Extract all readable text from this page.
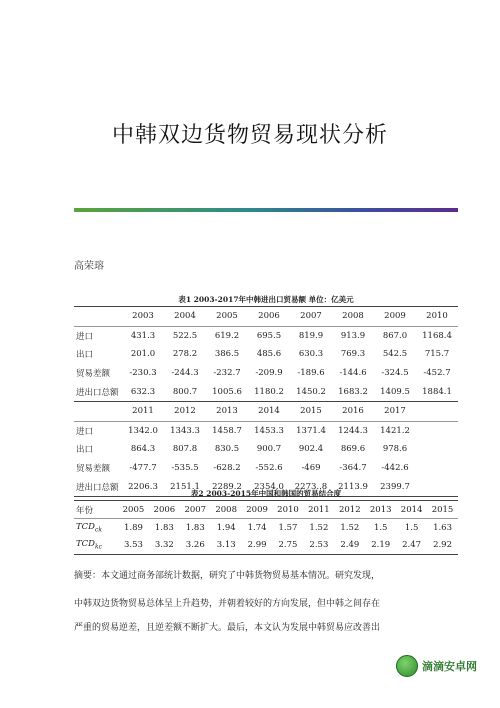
中韩双边货物贸易现状分析
高荣瑢
表1 2003-2017年中韩进出口贸易额 单位：亿美元
	2003	2004	2005	2006	2007	2008	2009	2010
进口	431.3	522.5	619.2	695.5	819.9	913.9	867.0	1168.4
出口	201.0	278.2	386.5	485.6	630.3	769.3	542.5	715.7
贸易差额	-230.3	-244.3	-232.7	-209.9	-189.6	-144.6	-324.5	-452.7
进出口总额	632.3	800.7	1005.6	1180.2	1450.2	1683.2	1409.5	1884.1
	2011	2012	2013	2014	2015	2016	2017	
进口	1342.0	1343.3	1458.7	1453.3	1371.4	1244.3	1421.2	
出口	864.3	807.8	830.5	900.7	902.4	869.6	978.6	
贸易差额	-477.7	-535.5	-628.2	-552.6	-469	-364.7	-442.6	
进出口总额	2206.3	2151.1	2289.2	2354.0	2273..8	2113.9	2399.7	
表2 2003-2015年中国和韩国的贸易结合度
年份	2005	2006	2007	2008	2009	2010	2011	2012	2013	2014	2015
$TCD_{ck}$	1.89	1.83	1.83	1.94	1.74	1.57	1.52	1.52	1.5	1.5	1.63
$TCD_{kc}$	3.53	3.32	3.26	3.13	2.99	2.75	2.53	2.49	2.19	2.47	2.92
摘要：本文通过商务部统计数据，研究了中韩货物贸易基本情况。研究发现，
中韩双边货物贸易总体呈上升趋势，并朝着较好的方向发展，但中韩之间存在
严重的贸易逆差，且逆差额不断扩大。最后，本文认为发展中韩贸易应改善出
滴滴安卓网
